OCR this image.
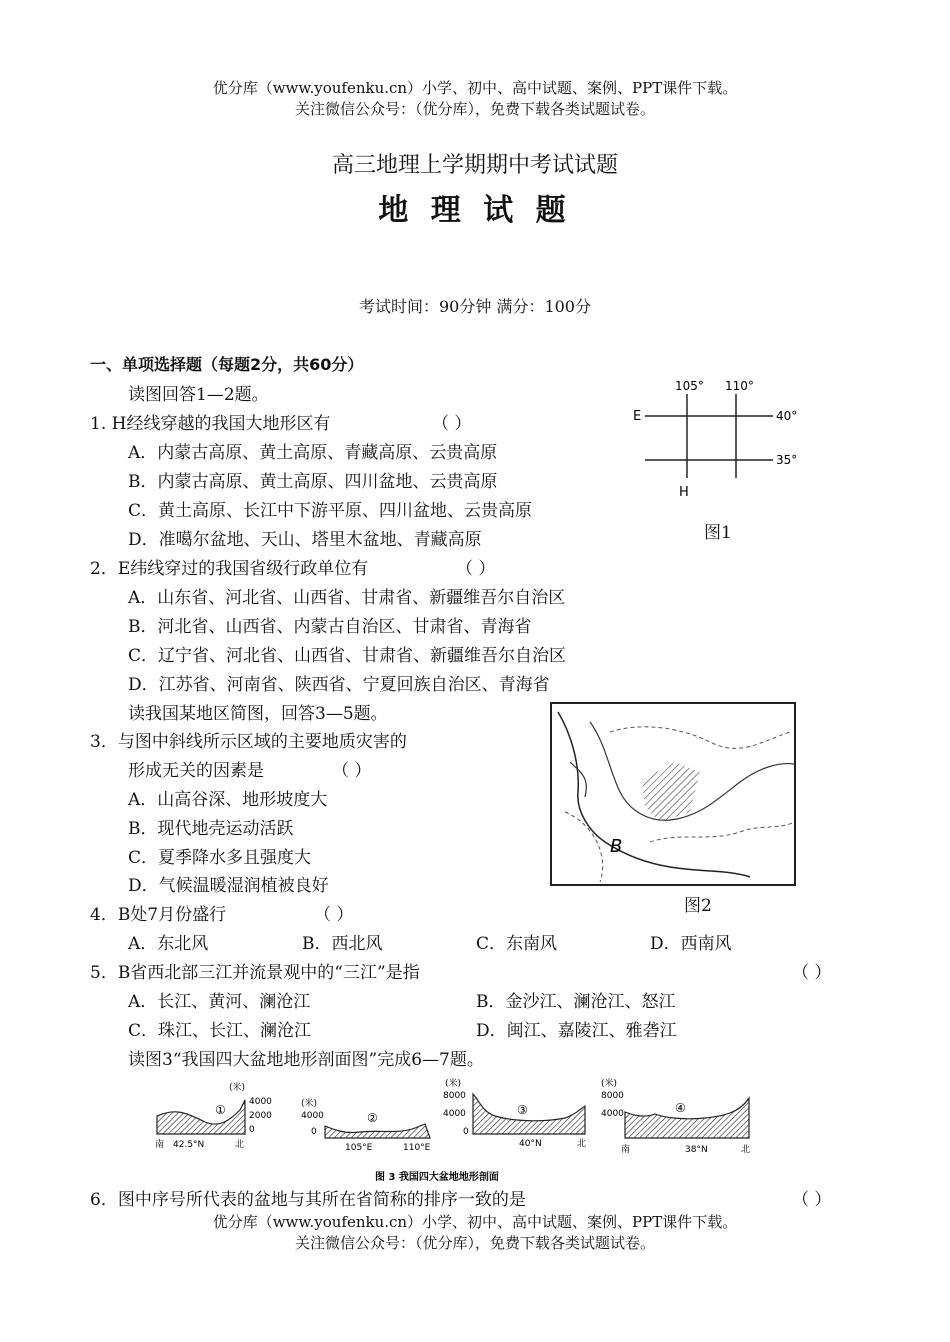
优分库（www.youfenku.cn）小学、初中、高中试题、案例、PPT课件下载。
关注微信公众号：（优分库），免费下载各类试题试卷。
高三地理上学期期中考试试题
地 理 试 题
考试时间：90分钟 满分：100分
一、单项选择题（每题2分，共60分）
读图回答1—2题。
1. H经线穿越的我国大地形区有	（ ）
A．内蒙古高原、黄土高原、青藏高原、云贵高原
B．内蒙古高原、黄土高原、四川盆地、云贵高原
C．黄土高原、长江中下游平原、四川盆地、云贵高原
D．准噶尔盆地、天山、塔里木盆地、青藏高原
105° 110°
E	40°
35°
H
图1
2．E纬线穿过的我国省级行政单位有	（ ）
A．山东省、河北省、山西省、甘肃省、新疆维吾尔自治区
B．河北省、山西省、内蒙古自治区、甘肃省、青海省
C．辽宁省、河北省、山西省、甘肃省、新疆维吾尔自治区
D．江苏省、河南省、陕西省、宁夏回族自治区、青海省
读我国某地区简图，回答3—5题。
B
图2
3．与图中斜线所示区域的主要地质灾害的
形成无关的因素是	（ ）
A．山高谷深、地形坡度大
B．现代地壳运动活跃
C．夏季降水多且强度大
D．气候温暖湿润植被良好
4．B处7月份盛行	（ ）
A．东北风	B．西北风	C．东南风	D．西南风
5．B省西北部三江并流景观中的“三江”是指	（ ）
A．长江、黄河、澜沧江	B．金沙江、澜沧江、怒江
C．珠江、长江、澜沧江	D．闽江、嘉陵江、雅砻江
读图3“我国四大盆地地形剖面图”完成6—7题。
①
(米)
4000
2000
0
南 42.5°N	北
(米)
4000
0
②
105°E	110°E
(米)
8000
4000
0
③
40°N	北
(米)
8000
4000	④
南	38°N	北
图 3 我国四大盆地地形剖面
6．图中序号所代表的盆地与其所在省简称的排序一致的是	（ ）
优分库（www.youfenku.cn）小学、初中、高中试题、案例、PPT课件下载。
关注微信公众号：（优分库），免费下载各类试题试卷。
